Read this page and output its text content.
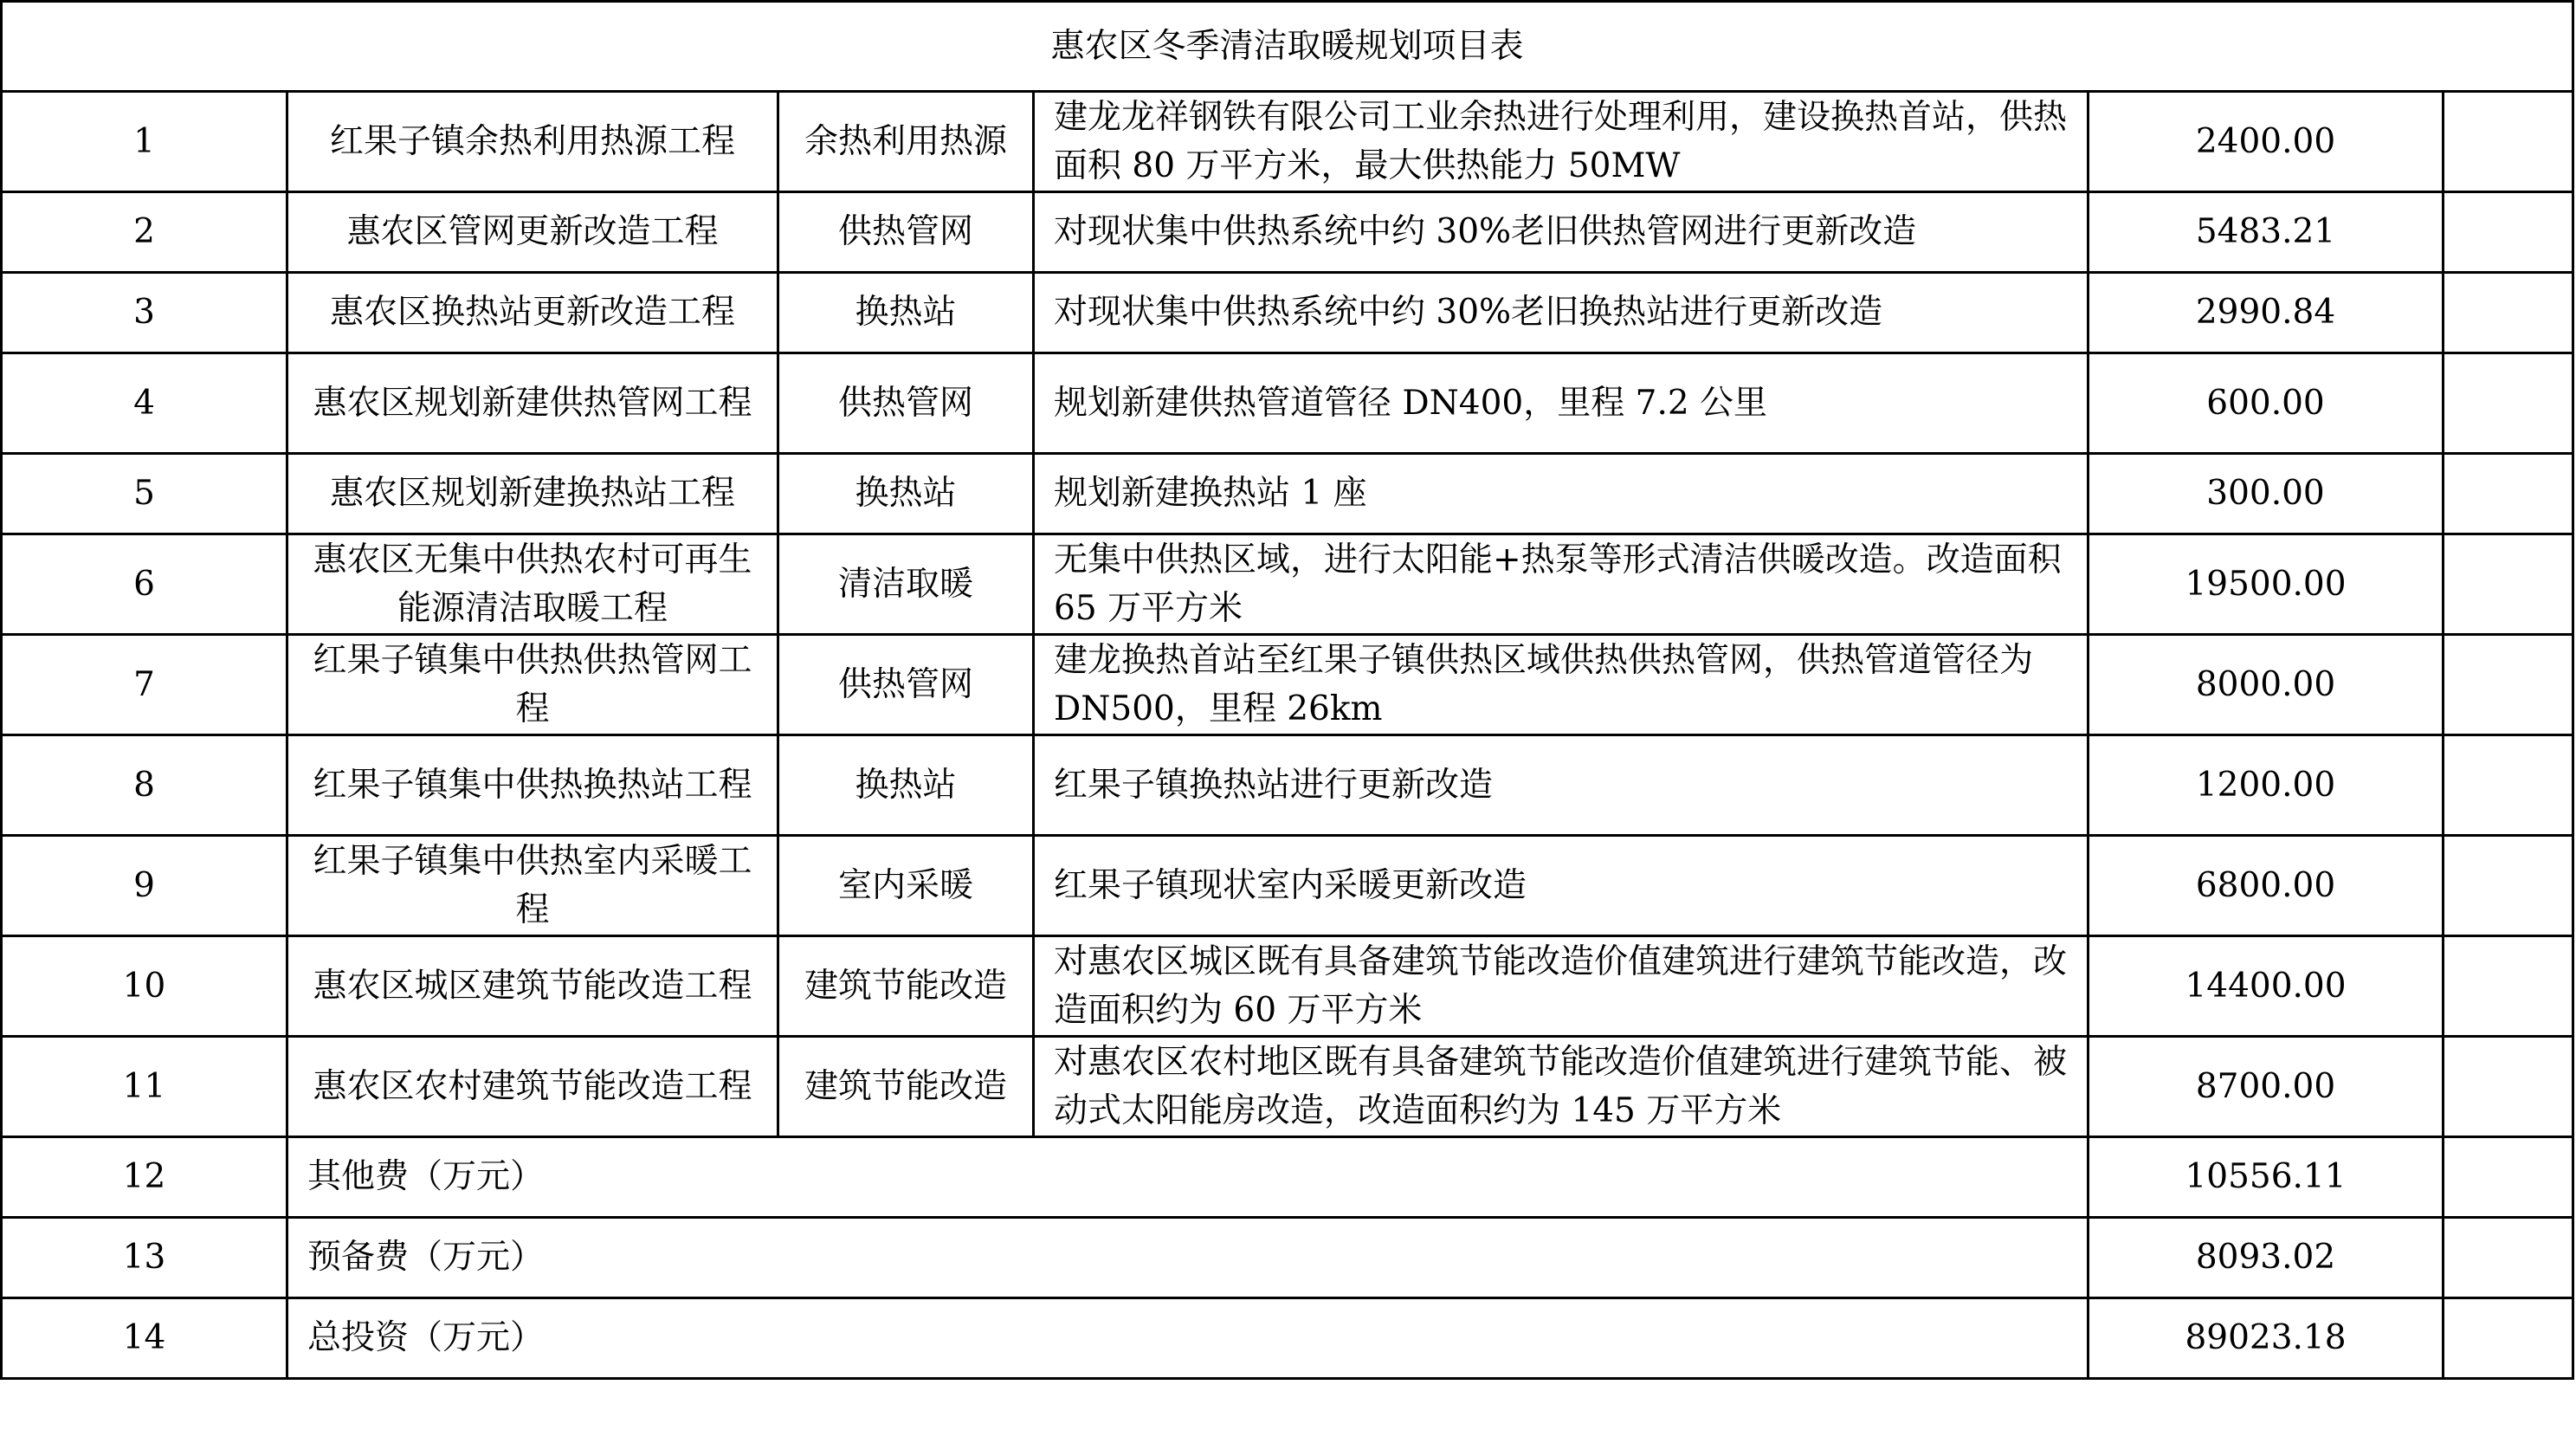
惠农区冬季清洁取暖规划项目表					
1	红果子镇余热利用热源工程	余热利用热源	建龙龙祥钢铁有限公司工业余热进行处理利用，建设换热首站，供热面积 80 万平方米，最大供热能力 50MW	2400.00	
2	惠农区管网更新改造工程	供热管网	对现状集中供热系统中约 30%老旧供热管网进行更新改造	5483.21	
3	惠农区换热站更新改造工程	换热站	对现状集中供热系统中约 30%老旧换热站进行更新改造	2990.84	
4	惠农区规划新建供热管网工程	供热管网	规划新建供热管道管径 DN400，里程 7.2 公里	600.00	
5	惠农区规划新建换热站工程	换热站	规划新建换热站 1 座	300.00	
6	惠农区无集中供热农村可再生能源清洁取暖工程	清洁取暖	无集中供热区域，进行太阳能+热泵等形式清洁供暖改造。改造面积 65 万平方米	19500.00	
7	红果子镇集中供热供热管网工程	供热管网	建龙换热首站至红果子镇供热区域供热供热管网，供热管道管径为 DN500，里程 26km	8000.00	
8	红果子镇集中供热换热站工程	换热站	红果子镇换热站进行更新改造	1200.00	
9	红果子镇集中供热室内采暖工程	室内采暖	红果子镇现状室内采暖更新改造	6800.00	
10	惠农区城区建筑节能改造工程	建筑节能改造	对惠农区城区既有具备建筑节能改造价值建筑进行建筑节能改造，改造面积约为 60 万平方米	14400.00	
11	惠农区农村建筑节能改造工程	建筑节能改造	对惠农区农村地区既有具备建筑节能改造价值建筑进行建筑节能、被动式太阳能房改造，改造面积约为 145 万平方米	8700.00	
12	其他费（万元）			10556.11	
13	预备费（万元）			8093.02	
14	总投资（万元）			89023.18	
